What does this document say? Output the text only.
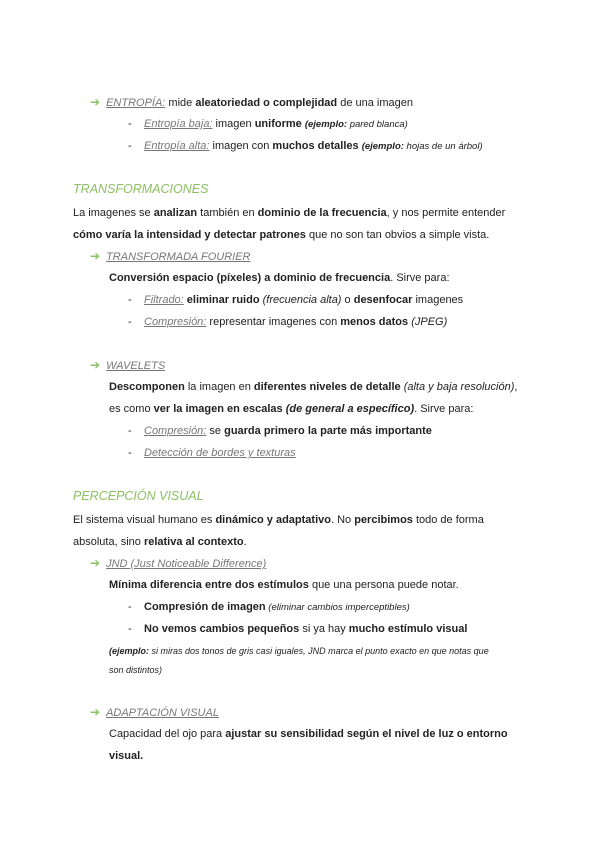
➔ ENTROPÍA: mide aleatoriedad o complejidad de una imagen
- Entropía baja: imagen uniforme (ejemplo: pared blanca)
- Entropía alta: imagen con muchos detalles (ejemplo: hojas de un árbol)
TRANSFORMACIONES
La imagenes se analizan también en dominio de la frecuencia, y nos permite entender
cómo varía la intensidad y detectar patrones que no son tan obvios a simple vista.
➔ TRANSFORMADA FOURIER
Conversión espacio (píxeles) a dominio de frecuencia. Sirve para:
- Filtrado: eliminar ruido (frecuencia alta) o desenfocar imagenes
- Compresión: representar imagenes con menos datos (JPEG)
➔ WAVELETS
Descomponen la imagen en diferentes niveles de detalle (alta y baja resolución),
es como ver la imagen en escalas (de general a específico). Sirve para:
- Compresión: se guarda primero la parte más importante
- Detección de bordes y texturas
PERCEPCIÓN VISUAL
El sistema visual humano es dinámico y adaptativo. No percibimos todo de forma
absoluta, sino relativa al contexto.
➔ JND (Just Noticeable Difference)
Mínima diferencia entre dos estímulos que una persona puede notar.
- Compresión de imagen (eliminar cambios imperceptibles)
- No vemos cambios pequeños si ya hay mucho estímulo visual
(ejemplo: si miras dos tonos de gris casi iguales, JND marca el punto exacto en que notas que
son distintos)
➔ ADAPTACIÓN VISUAL
Capacidad del ojo para ajustar su sensibilidad según el nivel de luz o entorno
visual.
